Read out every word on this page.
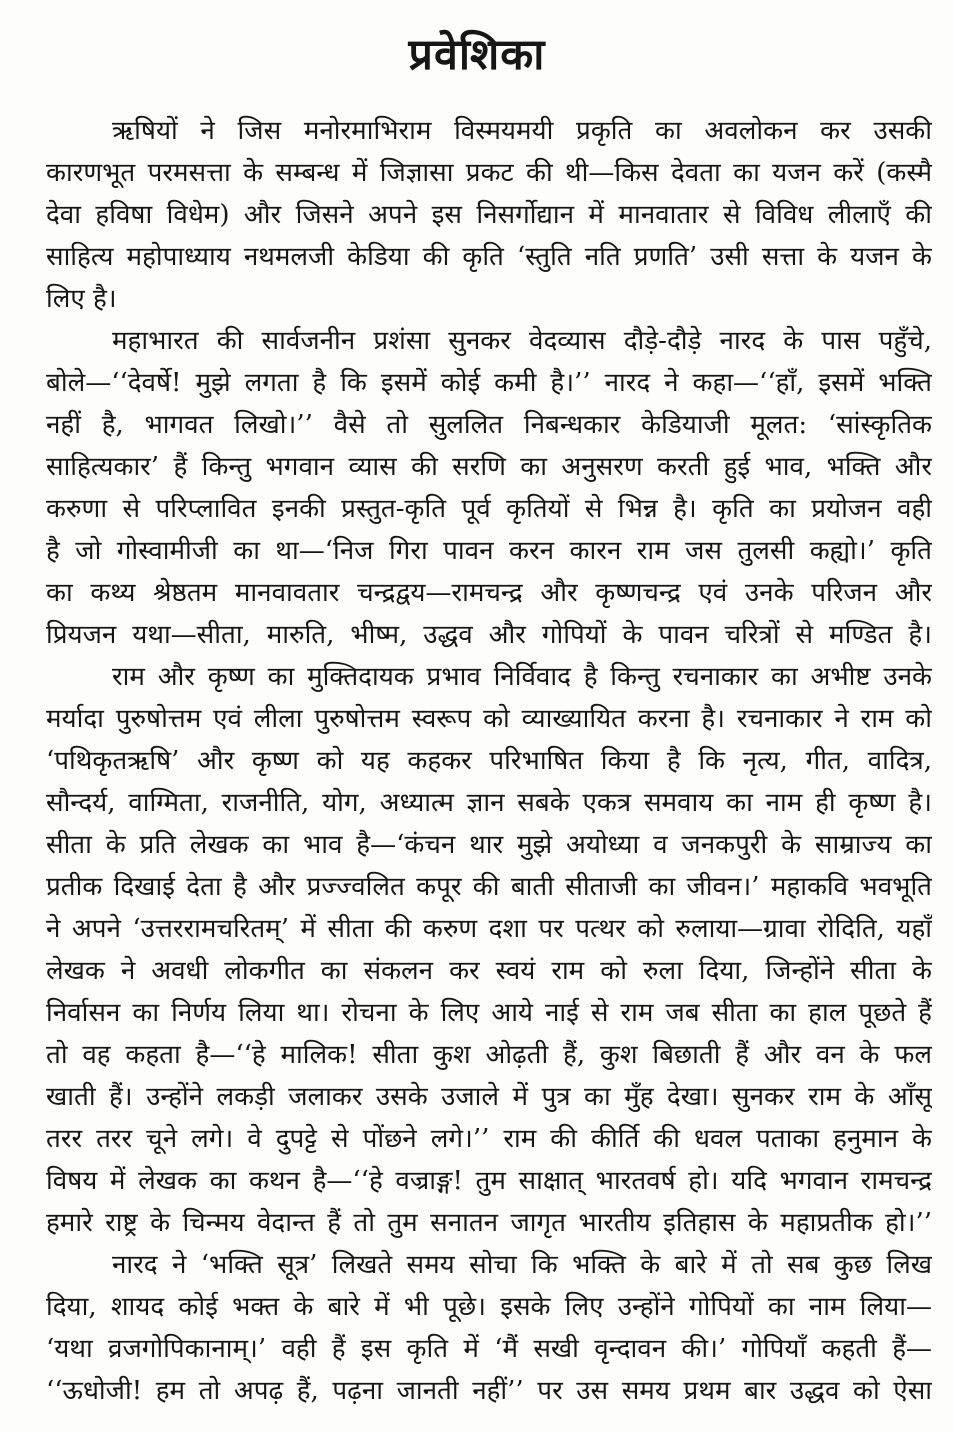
प्रवेशिका

ऋषियों ने जिस मनोरमाभिराम विस्मयमयी प्रकृति का अवलोकन कर उसकी
कारणभूत परमसत्ता के सम्बन्ध में जिज्ञासा प्रकट की थी—किस देवता का यजन करें (कस्मै
देवा हविषा विधेम) और जिसने अपने इस निसर्गोद्यान में मानवातार से विविध लीलाएँ की
साहित्य महोपाध्याय नथमलजी केडिया की कृति ‘स्तुति नति प्रणति’ उसी सत्ता के यजन के
लिए है।

महाभारत की सार्वजनीन प्रशंसा सुनकर वेदव्यास दौड़े-दौड़े नारद के पास पहुँचे,
बोले—‘‘देवर्षे! मुझे लगता है कि इसमें कोई कमी है।’’ नारद ने कहा—‘‘हाँ, इसमें भक्ति
नहीं है, भागवत लिखो।’’ वैसे तो सुललित निबन्धकार केडियाजी मूलत: ‘सांस्कृतिक
साहित्यकार’ हैं किन्तु भगवान व्यास की सरणि का अनुसरण करती हुई भाव, भक्ति और
करुणा से परिप्लावित इनकी प्रस्तुत-कृति पूर्व कृतियों से भिन्न है। कृति का प्रयोजन वही
है जो गोस्वामीजी का था—‘निज गिरा पावन करन कारन राम जस तुलसी कह्यो।’ कृति
का कथ्य श्रेष्ठतम मानवावतार चन्द्रद्वय—रामचन्द्र और कृष्णचन्द्र एवं उनके परिजन और
प्रियजन यथा—सीता, मारुति, भीष्म, उद्धव और गोपियों के पावन चरित्रों से मण्डित है।

राम और कृष्ण का मुक्तिदायक प्रभाव निर्विवाद है किन्तु रचनाकार का अभीष्ट उनके
मर्यादा पुरुषोत्तम एवं लीला पुरुषोत्तम स्वरूप को व्याख्यायित करना है। रचनाकार ने राम को
‘पथिकृतऋषि’ और कृष्ण को यह कहकर परिभाषित किया है कि नृत्य, गीत, वादित्र,
सौन्दर्य, वाग्मिता, राजनीति, योग, अध्यात्म ज्ञान सबके एकत्र समवाय का नाम ही कृष्ण है।
सीता के प्रति लेखक का भाव है—‘कंचन थार मुझे अयोध्या व जनकपुरी के साम्राज्य का
प्रतीक दिखाई देता है और प्रज्ज्वलित कपूर की बाती सीताजी का जीवन।’ महाकवि भवभूति
ने अपने ‘उत्तररामचरितम्’ में सीता की करुण दशा पर पत्थर को रुलाया—ग्रावा रोदिति, यहाँ
लेखक ने अवधी लोकगीत का संकलन कर स्वयं राम को रुला दिया, जिन्होंने सीता के
निर्वासन का निर्णय लिया था। रोचना के लिए आये नाई से राम जब सीता का हाल पूछते हैं
तो वह कहता है—‘‘हे मालिक! सीता कुश ओढ़ती हैं, कुश बिछाती हैं और वन के फल
खाती हैं। उन्होंने लकड़ी जलाकर उसके उजाले में पुत्र का मुँह देखा। सुनकर राम के आँसू
तरर तरर चूने लगे। वे दुपट्टे से पोंछने लगे।’’ राम की कीर्ति की धवल पताका हनुमान के
विषय में लेखक का कथन है—‘‘हे वज्राङ्ग! तुम साक्षात् भारतवर्ष हो। यदि भगवान रामचन्द्र
हमारे राष्ट्र के चिन्मय वेदान्त हैं तो तुम सनातन जागृत भारतीय इतिहास के महाप्रतीक हो।’’

नारद ने ‘भक्ति सूत्र’ लिखते समय सोचा कि भक्ति के बारे में तो सब कुछ लिख
दिया, शायद कोई भक्त के बारे में भी पूछे। इसके लिए उन्होंने गोपियों का नाम लिया—
‘यथा व्रजगोपिकानाम्।’ वही हैं इस कृति में ‘मैं सखी वृन्दावन की।’ गोपियाँ कहती हैं—
‘‘ऊधोजी! हम तो अपढ़ हैं, पढ़ना जानती नहीं’’ पर उस समय प्रथम बार उद्धव को ऐसा
